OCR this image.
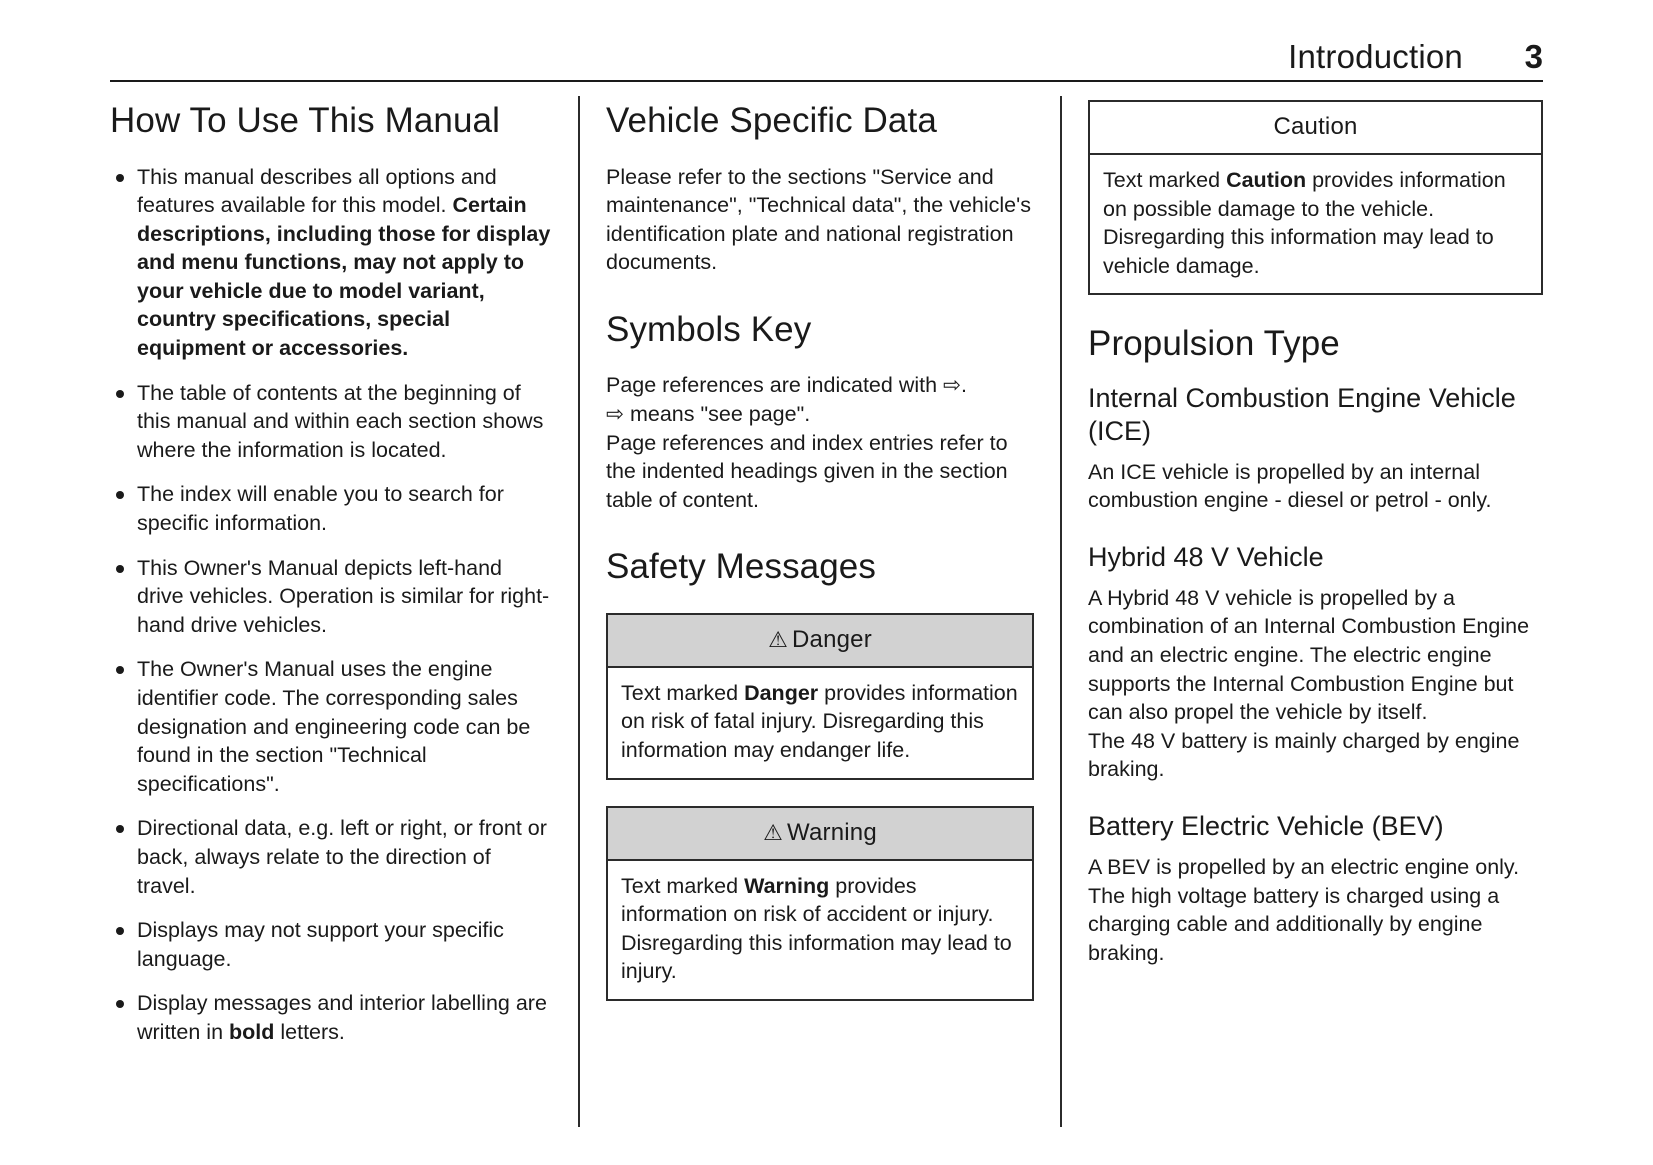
Introduction 3
How To Use This Manual
This manual describes all options and features available for this model. Certain descriptions, including those for display and menu functions, may not apply to your vehicle due to model variant, country specifications, special equipment or accessories.
The table of contents at the beginning of this manual and within each section shows where the information is located.
The index will enable you to search for specific information.
This Owner's Manual depicts left-hand drive vehicles. Operation is similar for right-hand drive vehicles.
The Owner's Manual uses the engine identifier code. The corresponding sales designation and engineering code can be found in the section "Technical specifications".
Directional data, e.g. left or right, or front or back, always relate to the direction of travel.
Displays may not support your specific language.
Display messages and interior labelling are written in bold letters.
Vehicle Specific Data

Please refer to the sections "Service and maintenance", "Technical data", the vehicle's identification plate and national registration documents.

Symbols Key

Page references are indicated with ⇨.

⇨ means "see page".

Page references and index entries refer to the indented headings given in the section table of content.

Safety Messages
⚠ Danger
Text marked Danger provides information on risk of fatal injury. Disregarding this information may endanger life.
⚠ Warning
Text marked Warning provides information on risk of accident or injury. Disregarding this information may lead to injury.
Caution
Text marked Caution provides information on possible damage to the vehicle. Disregarding this information may lead to vehicle damage.
Propulsion Type
Internal Combustion Engine Vehicle (ICE)

An ICE vehicle is propelled by an internal combustion engine - diesel or petrol - only.

Hybrid 48 V Vehicle

A Hybrid 48 V vehicle is propelled by a combination of an Internal Combustion Engine and an electric engine. The electric engine supports the Internal Combustion Engine but can also propel the vehicle by itself.

The 48 V battery is mainly charged by engine braking.

Battery Electric Vehicle (BEV)

A BEV is propelled by an electric engine only.

The high voltage battery is charged using a charging cable and additionally by engine braking.
